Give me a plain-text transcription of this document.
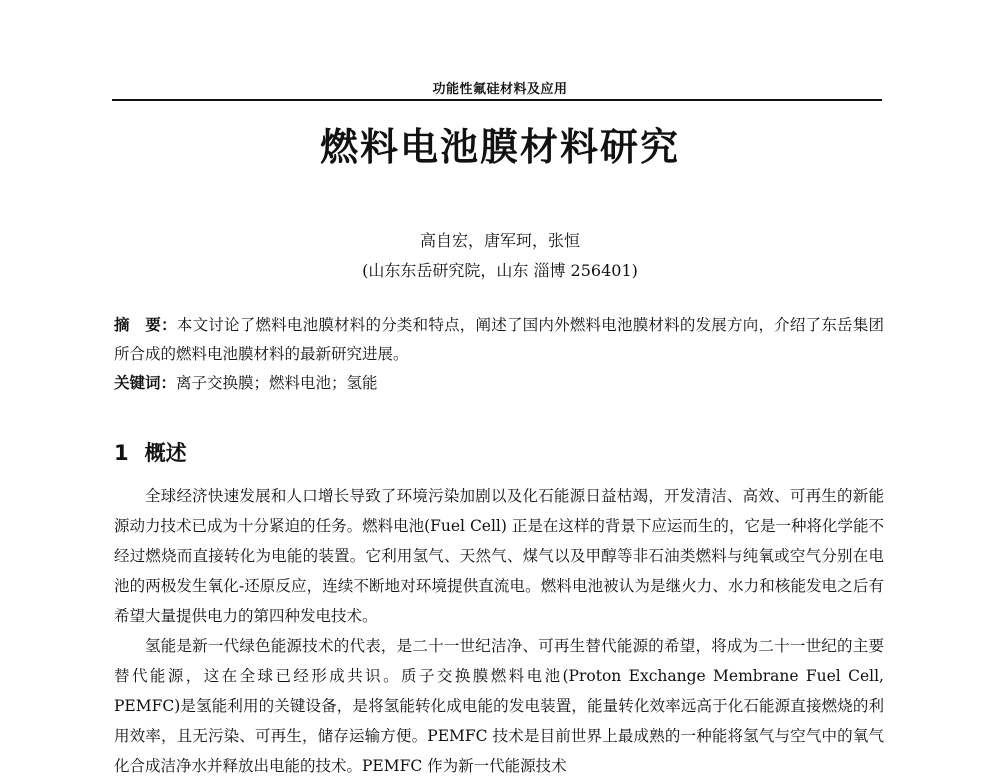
功能性氟硅材料及应用
燃料电池膜材料研究
高自宏，唐军珂，张恒
(山东东岳研究院，山东 淄博 256401)
摘　要：本文讨论了燃料电池膜材料的分类和特点，阐述了国内外燃料电池膜材料的发展方向，介绍了东岳集团所合成的燃料电池膜材料的最新研究进展。
关键词：离子交换膜；燃料电池；氢能
1 概述

全球经济快速发展和人口增长导致了环境污染加剧以及化石能源日益枯竭，开发清洁、高效、可再生的新能源动力技术已成为十分紧迫的任务。燃料电池(Fuel Cell) 正是在这样的背景下应运而生的，它是一种将化学能不经过燃烧而直接转化为电能的装置。它利用氢气、天然气、煤气以及甲醇等非石油类燃料与纯氧或空气分别在电池的两极发生氧化-还原反应，连续不断地对环境提供直流电。燃料电池被认为是继火力、水力和核能发电之后有希望大量提供电力的第四种发电技术。

氢能是新一代绿色能源技术的代表，是二十一世纪洁净、可再生替代能源的希望，将成为二十一世纪的主要替代能源，这在全球已经形成共识。质子交换膜燃料电池(Proton Exchange Membrane Fuel Cell, PEMFC)是氢能利用的关键设备，是将氢能转化成电能的发电装置，能量转化效率远高于化石能源直接燃烧的利用效率，且无污染、可再生，储存运输方便。PEMFC 技术是目前世界上最成熟的一种能将氢气与空气中的氧气化合成洁净水并释放出电能的技术。PEMFC 作为新一代能源技术
